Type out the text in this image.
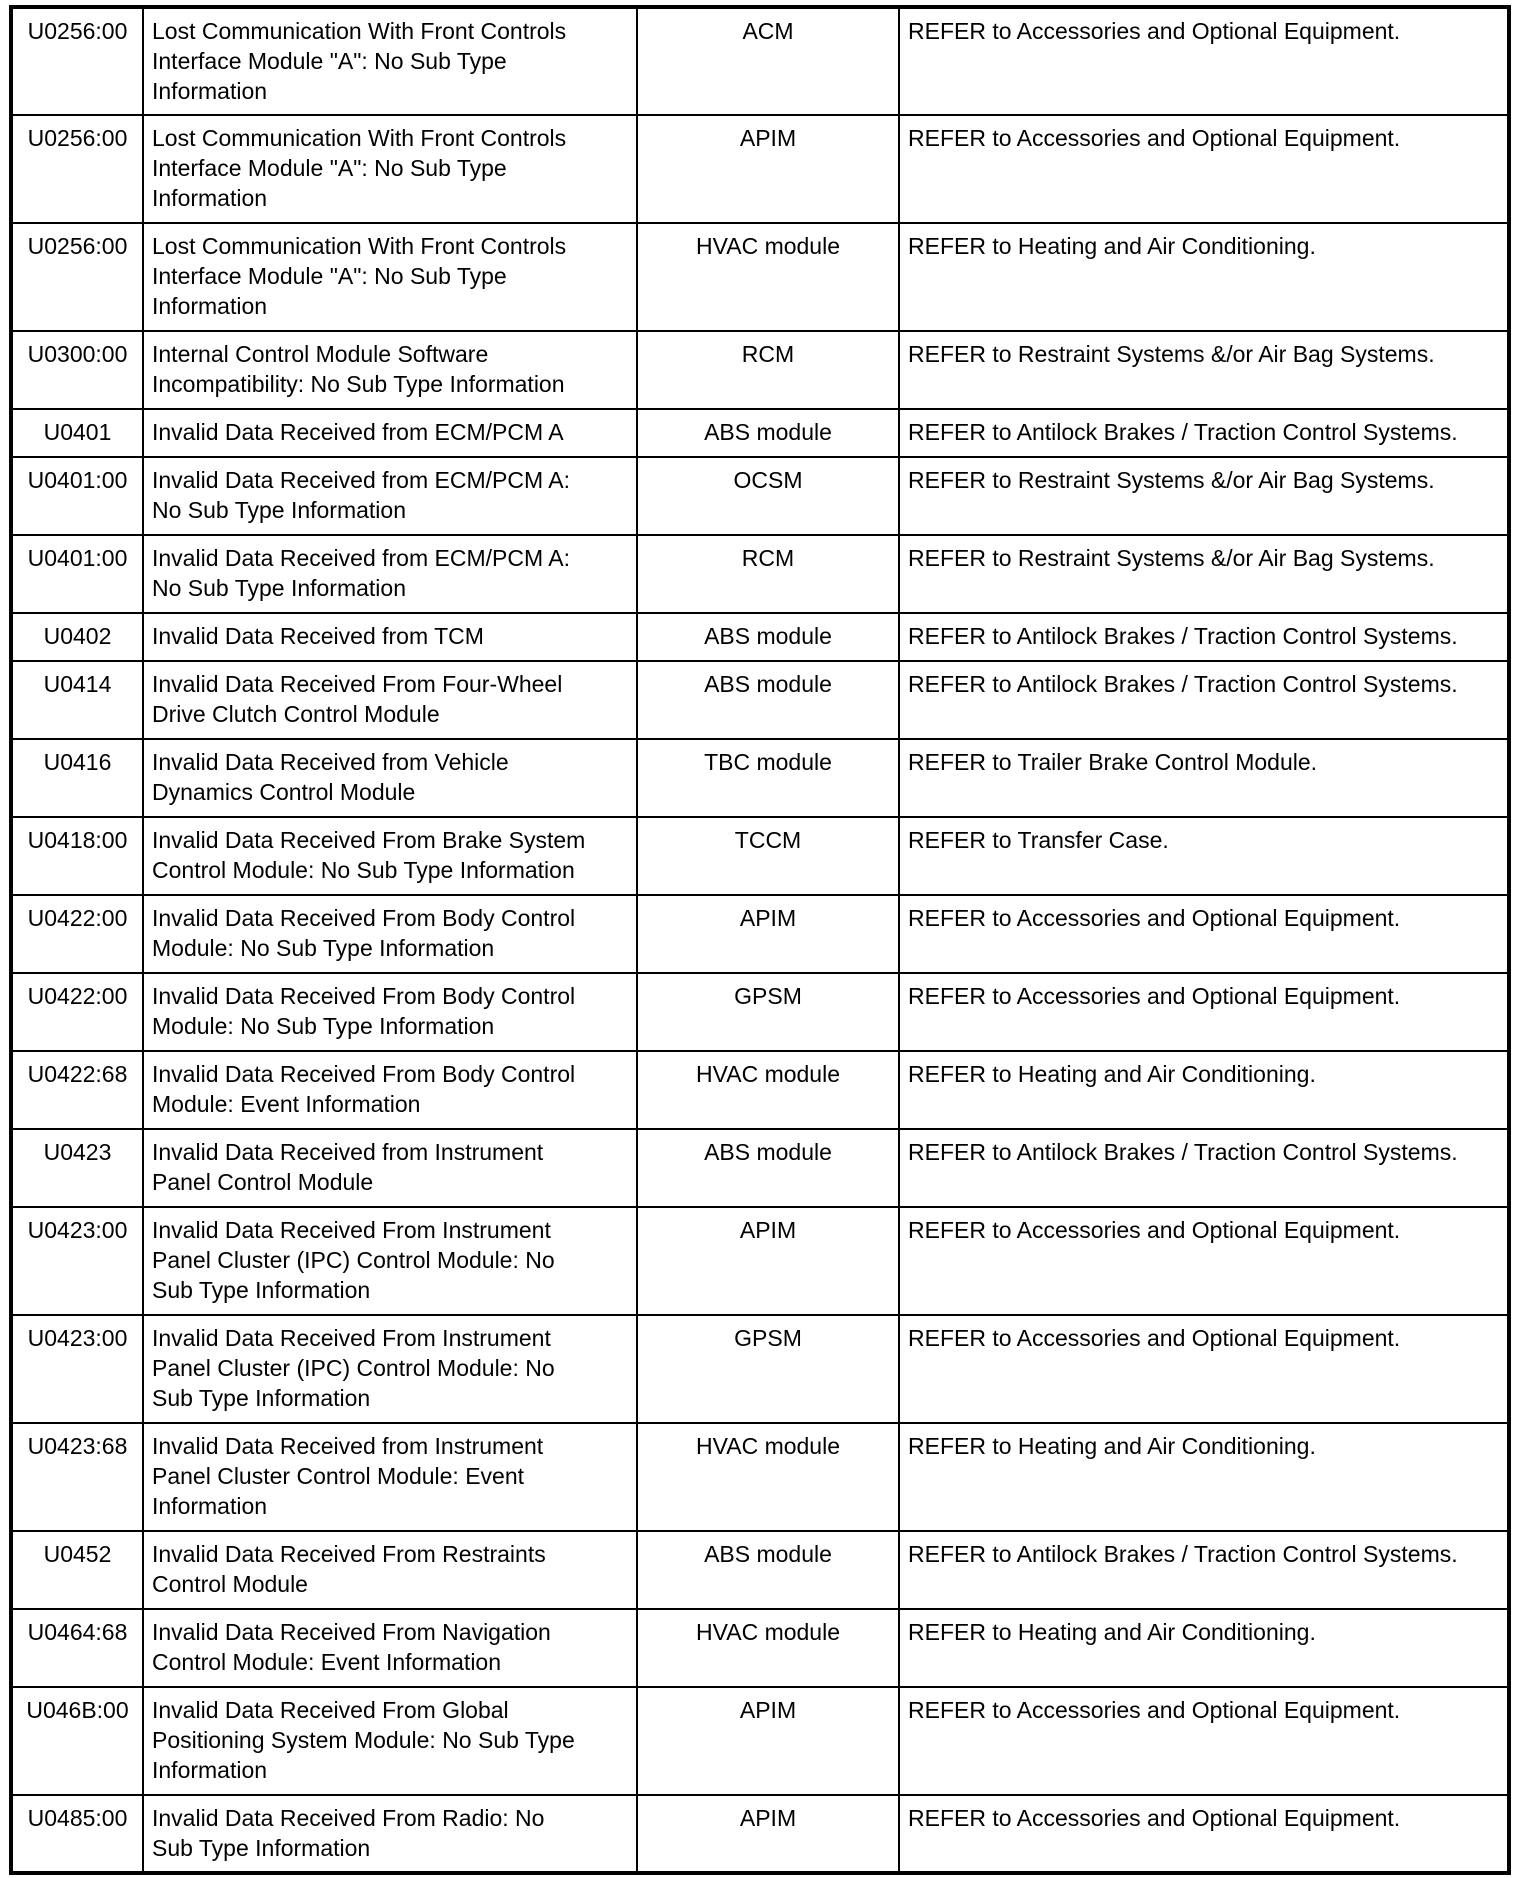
U0256:00	Lost Communication With Front Controls
Interface Module "A": No Sub Type
Information	ACM	REFER to Accessories and Optional Equipment.
U0256:00	Lost Communication With Front Controls
Interface Module "A": No Sub Type
Information	APIM	REFER to Accessories and Optional Equipment.
U0256:00	Lost Communication With Front Controls
Interface Module "A": No Sub Type
Information	HVAC module	REFER to Heating and Air Conditioning.
U0300:00	Internal Control Module Software
Incompatibility: No Sub Type Information	RCM	REFER to Restraint Systems &/or Air Bag Systems.
U0401	Invalid Data Received from ECM/PCM A	ABS module	REFER to Antilock Brakes / Traction Control Systems.
U0401:00	Invalid Data Received from ECM/PCM A:
No Sub Type Information	OCSM	REFER to Restraint Systems &/or Air Bag Systems.
U0401:00	Invalid Data Received from ECM/PCM A:
No Sub Type Information	RCM	REFER to Restraint Systems &/or Air Bag Systems.
U0402	Invalid Data Received from TCM	ABS module	REFER to Antilock Brakes / Traction Control Systems.
U0414	Invalid Data Received From Four-Wheel
Drive Clutch Control Module	ABS module	REFER to Antilock Brakes / Traction Control Systems.
U0416	Invalid Data Received from Vehicle
Dynamics Control Module	TBC module	REFER to Trailer Brake Control Module.
U0418:00	Invalid Data Received From Brake System
Control Module: No Sub Type Information	TCCM	REFER to Transfer Case.
U0422:00	Invalid Data Received From Body Control
Module: No Sub Type Information	APIM	REFER to Accessories and Optional Equipment.
U0422:00	Invalid Data Received From Body Control
Module: No Sub Type Information	GPSM	REFER to Accessories and Optional Equipment.
U0422:68	Invalid Data Received From Body Control
Module: Event Information	HVAC module	REFER to Heating and Air Conditioning.
U0423	Invalid Data Received from Instrument
Panel Control Module	ABS module	REFER to Antilock Brakes / Traction Control Systems.
U0423:00	Invalid Data Received From Instrument
Panel Cluster (IPC) Control Module: No
Sub Type Information	APIM	REFER to Accessories and Optional Equipment.
U0423:00	Invalid Data Received From Instrument
Panel Cluster (IPC) Control Module: No
Sub Type Information	GPSM	REFER to Accessories and Optional Equipment.
U0423:68	Invalid Data Received from Instrument
Panel Cluster Control Module: Event
Information	HVAC module	REFER to Heating and Air Conditioning.
U0452	Invalid Data Received From Restraints
Control Module	ABS module	REFER to Antilock Brakes / Traction Control Systems.
U0464:68	Invalid Data Received From Navigation
Control Module: Event Information	HVAC module	REFER to Heating and Air Conditioning.
U046B:00	Invalid Data Received From Global
Positioning System Module: No Sub Type
Information	APIM	REFER to Accessories and Optional Equipment.
U0485:00	Invalid Data Received From Radio: No
Sub Type Information	APIM	REFER to Accessories and Optional Equipment.
